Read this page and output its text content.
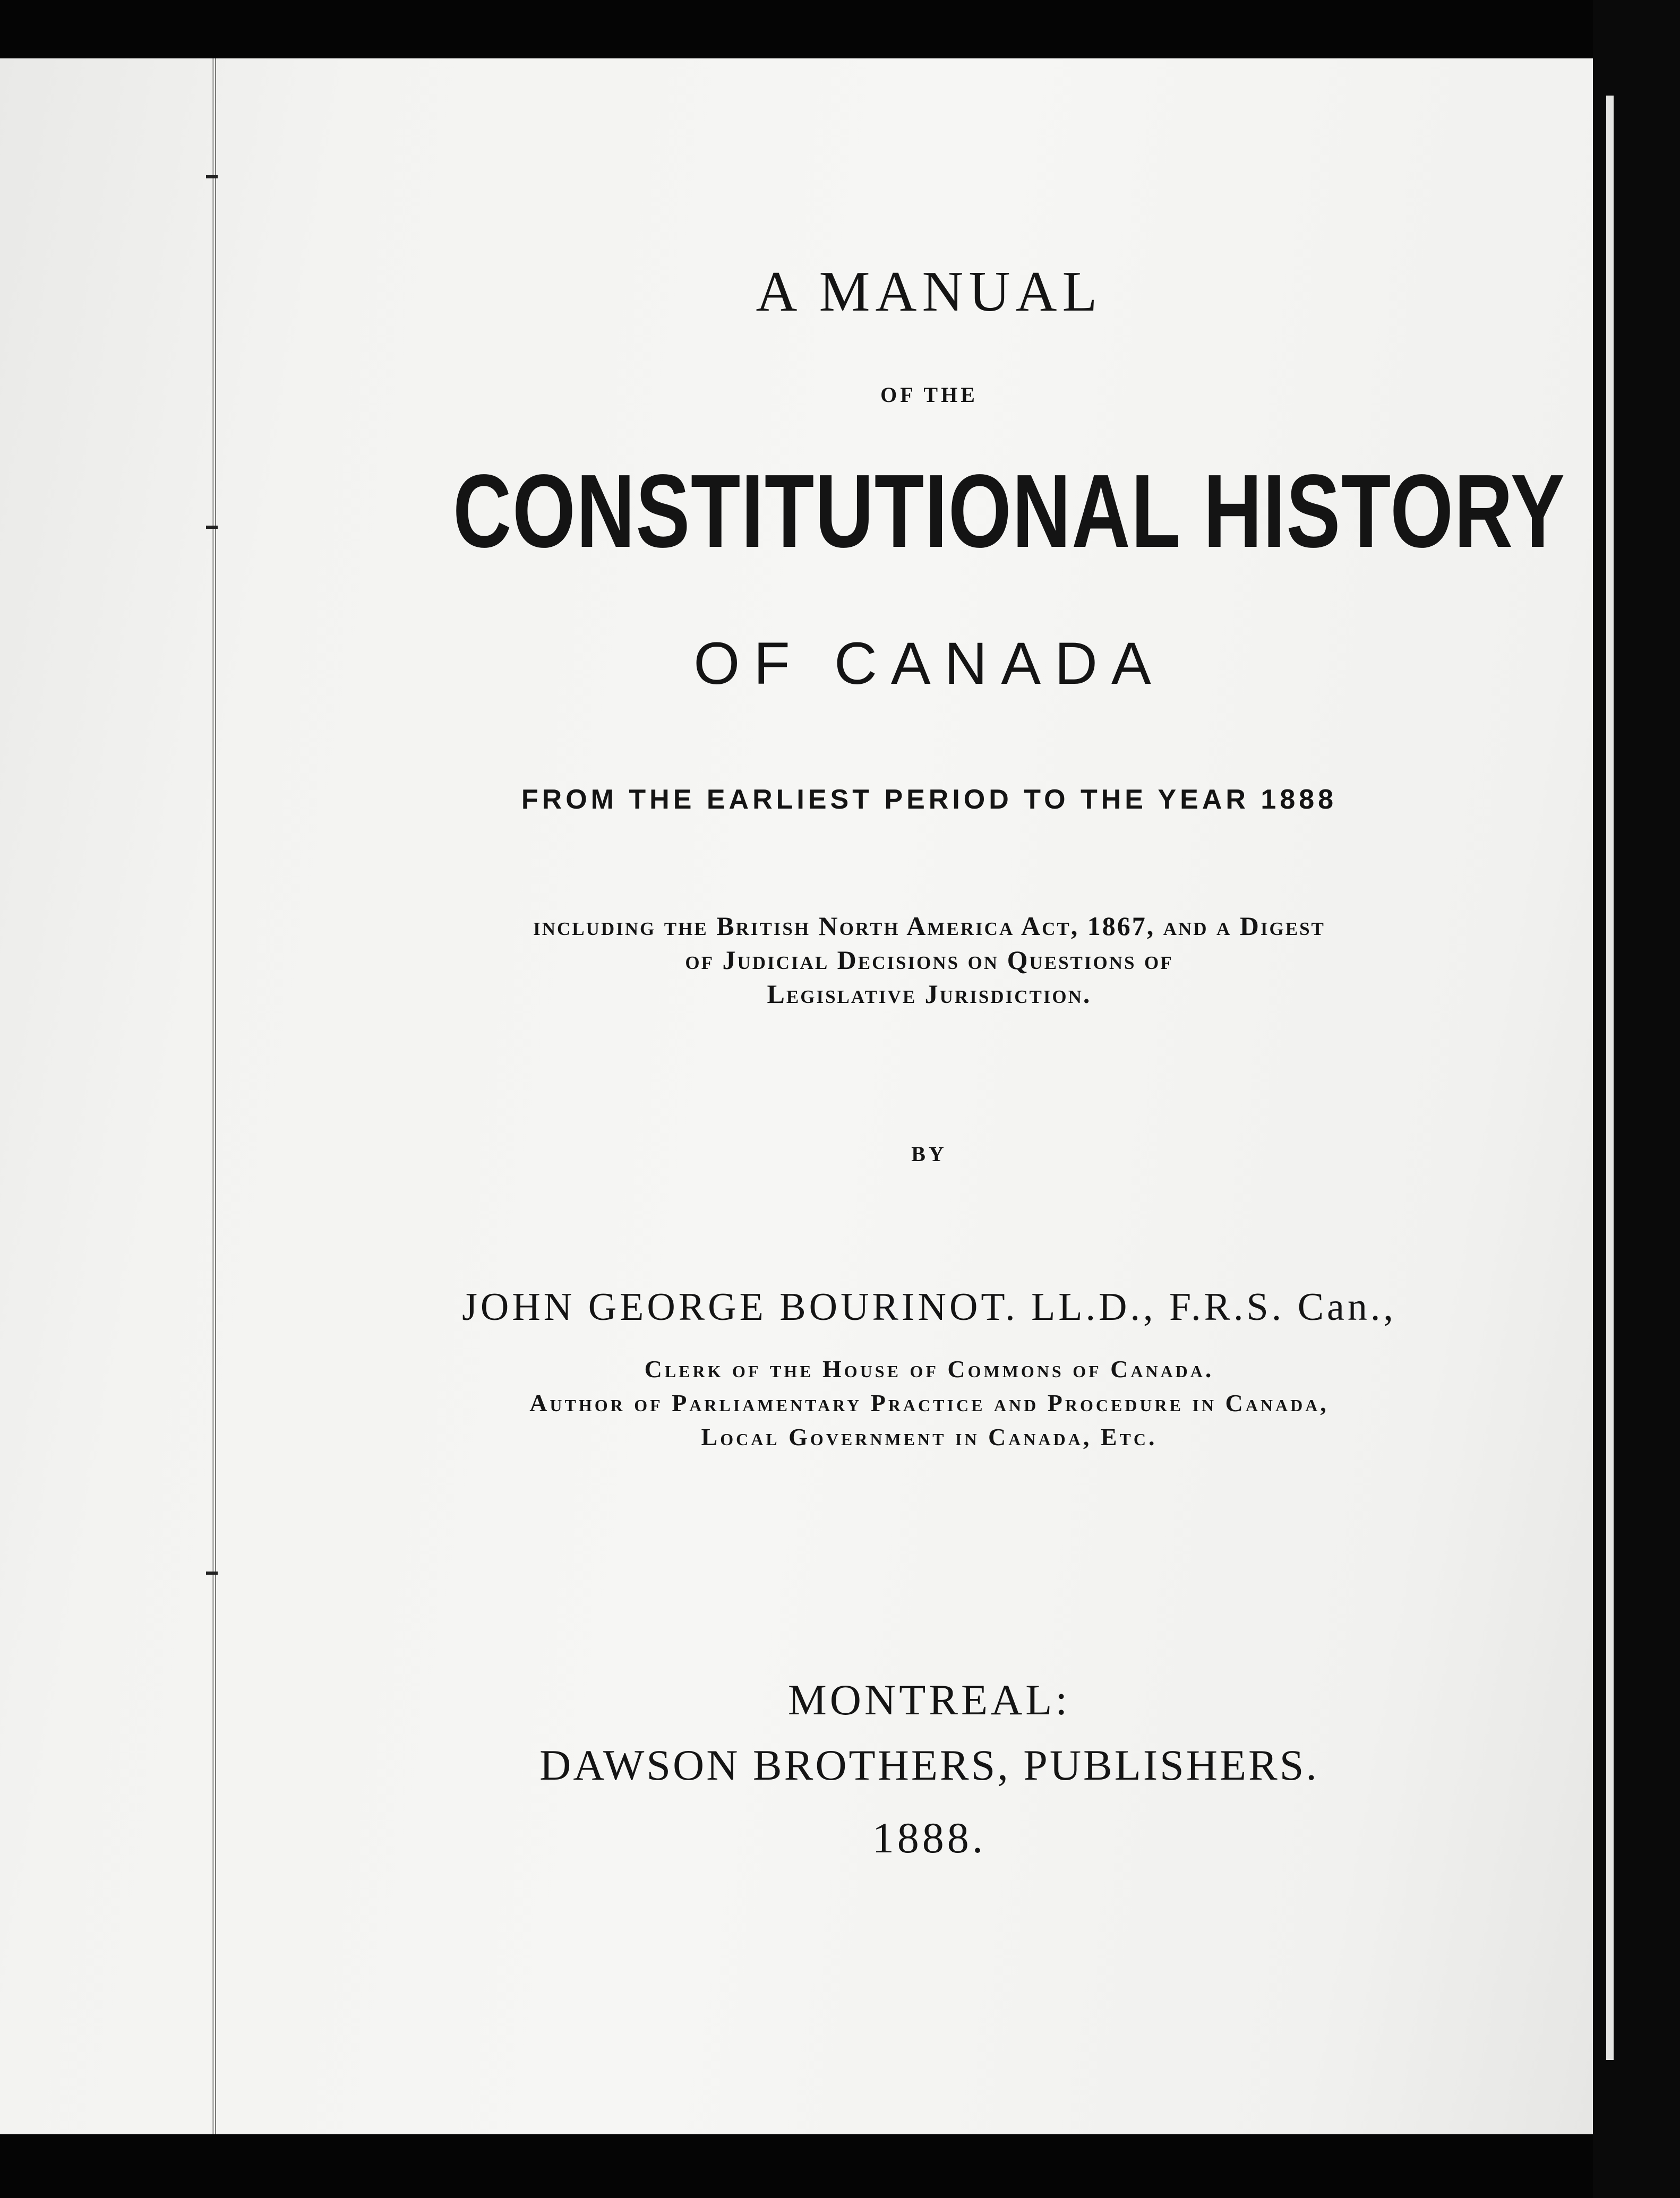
A MANUAL
OF THE
CONSTITUTIONAL HISTORY
OF CANADA
FROM THE EARLIEST PERIOD TO THE YEAR 1888
including the British North America Act, 1867, and a Digest
of Judicial Decisions on Questions of
Legislative Jurisdiction.
BY
JOHN GEORGE BOURINOT. LL.D., F.R.S. Can.,
Clerk of the House of Commons of Canada.
Author of Parliamentary Practice and Procedure in Canada,
Local Government in Canada, Etc.
MONTREAL:
DAWSON BROTHERS, PUBLISHERS.
1888.
